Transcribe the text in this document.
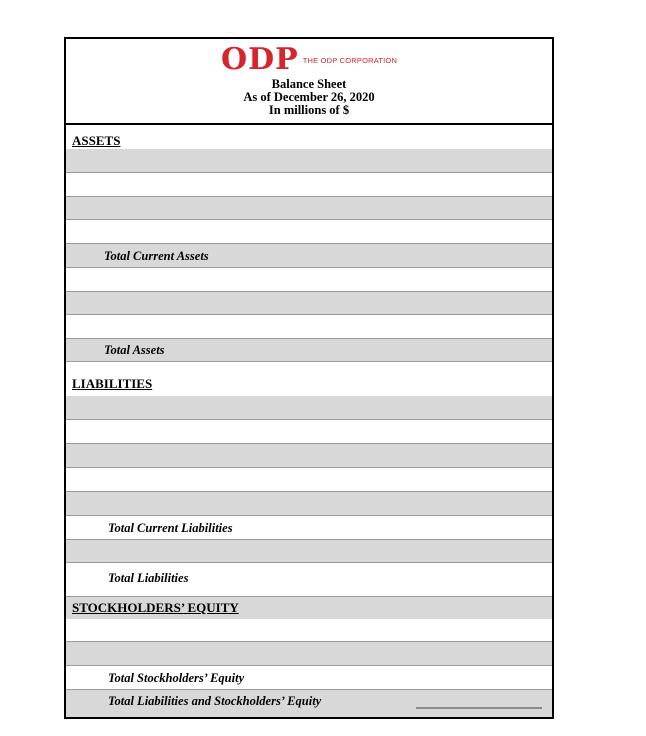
ODP THE ODP CORPORATION
Balance Sheet
As of December 26, 2020
In millions of $
ASSETS
Total Current Assets
Total Assets
LIABILITIES
Total Current Liabilities
Total Liabilities
STOCKHOLDERS’ EQUITY
Total Stockholders’ Equity
Total Liabilities and Stockholders’ Equity
